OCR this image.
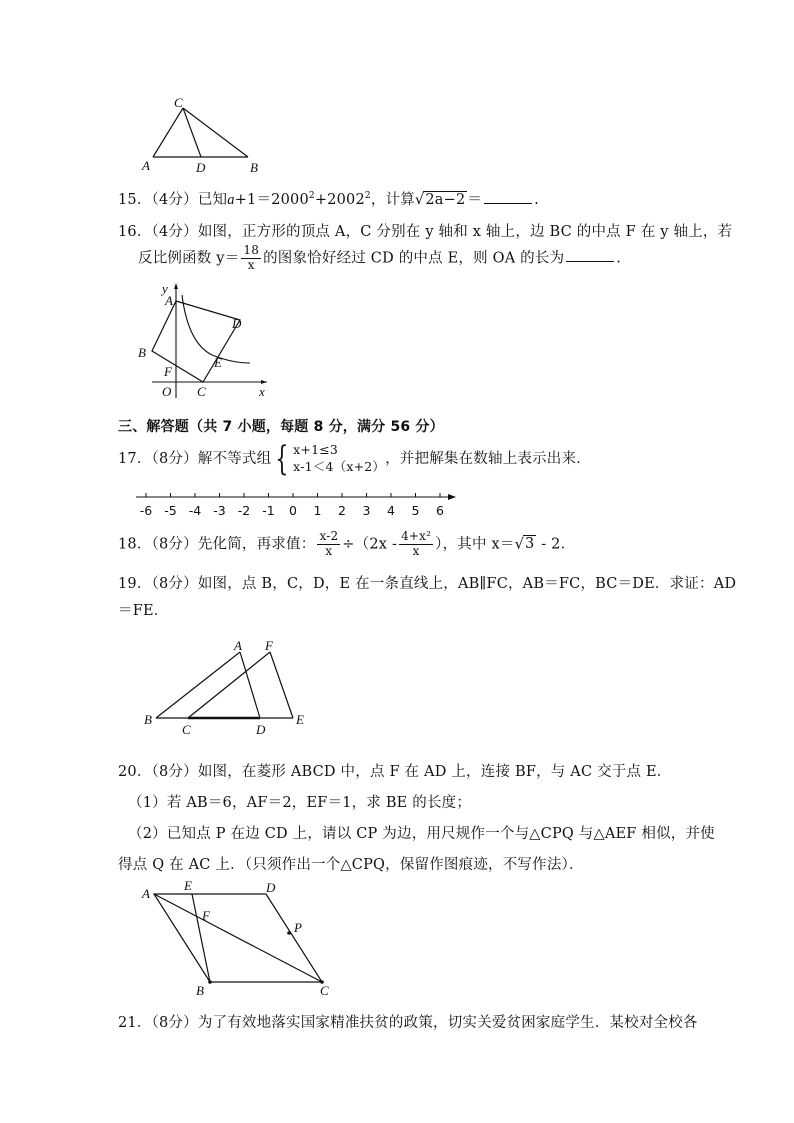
C
A	D	B
15．（4分）已知$a+1=2000^2+2002^2$，计算√2a−2 ＝	.
16．（4分）如图，正方形的顶点 A，C 分别在 y 轴和 x 轴上，边 BC 的中点 F 在 y 轴上，若
反比例函数 $y= \frac{18}{x}$ 的图象恰好经过 CD 的中点 E，则 OA 的长为	.
y
A
D
B
F
E
O C	x
三、解答题（共 7 小题，每题 8 分，满分 56 分）
17．（8分）解不等式组 { x+1≤3
x-1＜4（x+2） ，并把解集在数轴上表示出来．
-6 -5 -4 -3 -2 -1 0 1 2 3 4 5 6
18．（8分）先化简，再求值： $\frac{x-2}{x} \div(2x - \frac{\text{4+x²}}{x}$ ），其中 x＝√3 - 2．
19．（8分）如图，点 B，C，D，E 在一条直线上，AB∥FC，AB＝FC，BC＝DE．求证：AD
＝FE．
A F
B
C	D
E
20．（8分）如图，在菱形 ABCD 中，点 F 在 AD 上，连接 BF，与 AC 交于点 E．
（1）若 AB＝6，AF＝2，EF＝1，求 BE 的长度；
（2）已知点 P 在边 CD 上，请以 CP 为边，用尺规作一个与△CPQ 与△AEF 相似，并使
得点 Q 在 AC 上．（只须作出一个△CPQ，保留作图痕迹，不写作法）．
A
E	D
F
P
B	C
21．（8分）为了有效地落实国家精准扶贫的政策，切实关爱贫困家庭学生．某校对全校各
